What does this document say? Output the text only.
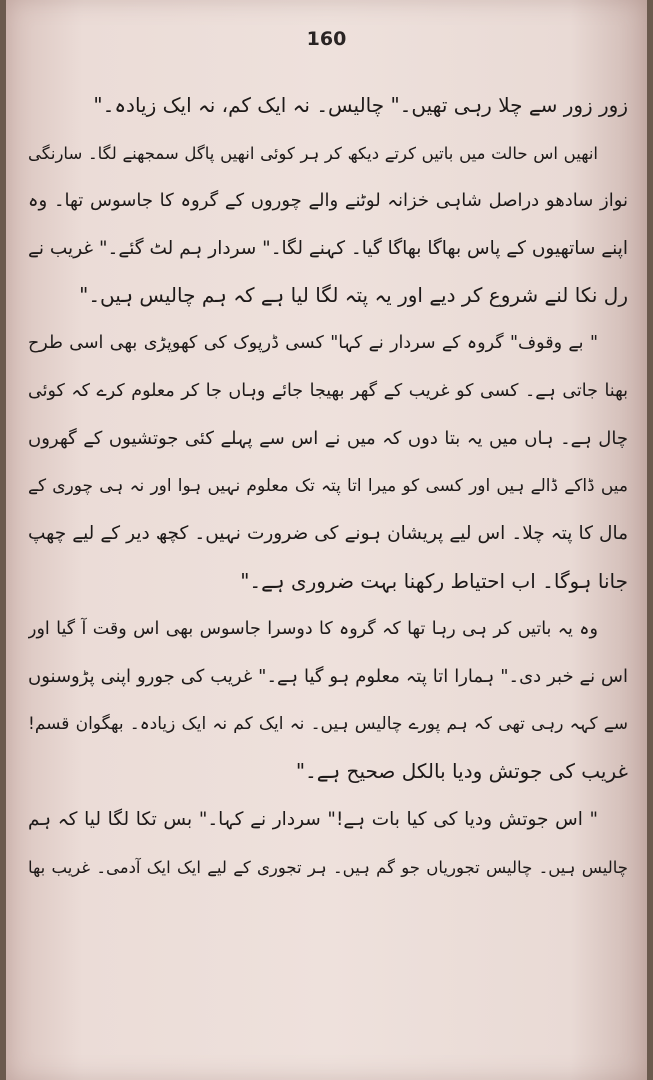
160
زور زور سے چلا رہی تھیں۔" چالیس۔ نہ ایک کم، نہ ایک زیادہ۔"
انھیں اس حالت میں باتیں کرتے دیکھ کر ہر کوئی انھیں پاگل سمجھنے لگا۔ سارنگی
نواز سادھو دراصل شاہی خزانہ لوٹنے والے چوروں کے گروہ کا جاسوس تھا۔ وہ
اپنے ساتھیوں کے پاس بھاگا بھاگا گیا۔ کہنے لگا۔" سردار ہم لٹ گئے۔" غریب نے
رل نکا لنے شروع کر دیے اور یہ پتہ لگا لیا ہے کہ ہم چالیس ہیں۔"
" بے وقوف" گروہ کے سردار نے کہا" کسی ڈرپوک کی کھوپڑی بھی اسی طرح
بھنا جاتی ہے۔ کسی کو غریب کے گھر بھیجا جائے وہاں جا کر معلوم کرے کہ کوئی
چال ہے۔ ہاں میں یہ بتا دوں کہ میں نے اس سے پہلے کئی جوتشیوں کے گھروں
میں ڈاکے ڈالے ہیں اور کسی کو میرا اتا پتہ تک معلوم نہیں ہوا اور نہ ہی چوری کے
مال کا پتہ چلا۔ اس لیے پریشان ہونے کی ضرورت نہیں۔ کچھ دیر کے لیے چھپ
جانا ہوگا۔ اب احتیاط رکھنا بہت ضروری ہے۔"
وہ یہ باتیں کر ہی رہا تھا کہ گروہ کا دوسرا جاسوس بھی اس وقت آ گیا اور
اس نے خبر دی۔" ہمارا اتا پتہ معلوم ہو گیا ہے۔" غریب کی جورو اپنی پڑوسنوں
سے کہہ رہی تھی کہ ہم پورے چالیس ہیں۔ نہ ایک کم نہ ایک زیادہ۔ بھگوان قسم!
غریب کی جوتش ودیا بالکل صحیح ہے۔"
" اس جوتش ودیا کی کیا بات ہے!" سردار نے کہا۔" بس تکا لگا لیا کہ ہم
چالیس ہیں۔ چالیس تجوریاں جو گم ہیں۔ ہر تجوری کے لیے ایک ایک آدمی۔ غریب بھا
